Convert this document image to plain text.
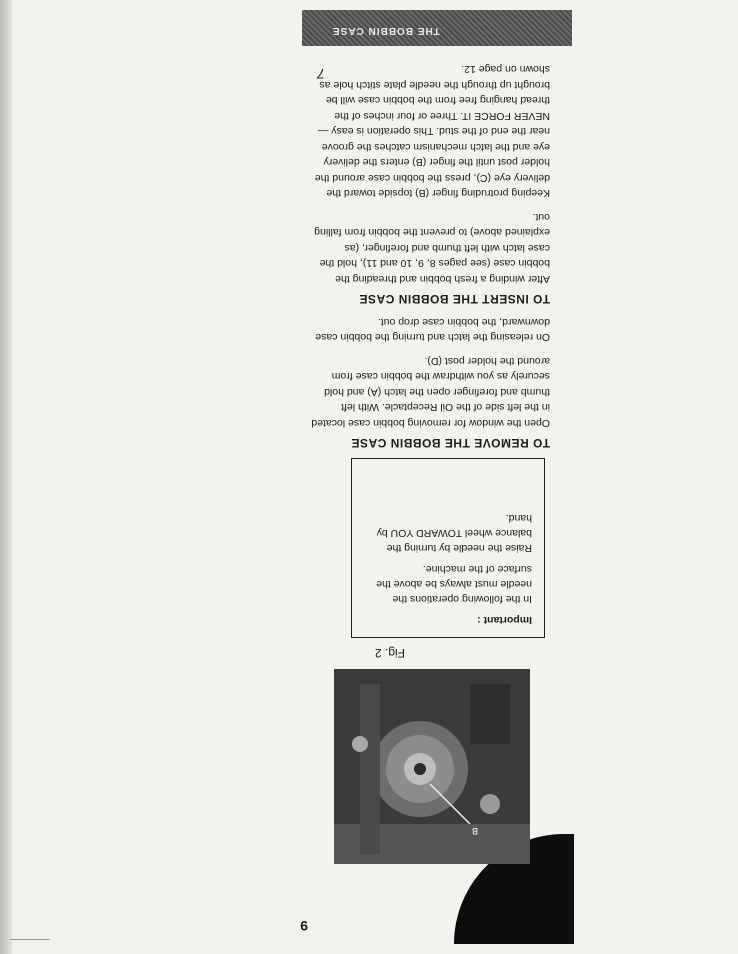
9
B
Fig. 2
Important :

In the following operations the needle must always be above the surface of the machine.

Raise the needle by turning the balance wheel TOWARD YOU by hand.

TO REMOVE THE BOBBIN CASE

Open the window for removing bobbin case located in the left side of the Oil Receptacle. With left thumb and forefinger open the latch (A) and hold securely as you withdraw the bobbin case from around the holder post (D).

On releasing the latch and turning the bobbin case downward, the bobbin case drop out.

TO INSERT THE BOBBIN CASE

After winding a fresh bobbin and threading the bobbin case (see pages 8, 9, 10 and 11), hold the case latch with left thumb and forefinger, (as explained above) to prevent the bobbin from falling out.

Keeping protruding finger (B) topside toward the delivery eye (C), press the bobbin case around the holder post until the finger (B) enters the delivery eye and the latch mechanism catches the groove near the end of the stud. This operation is easy — NEVER FORCE IT. Three or four inches of the thread hanging free from the bobbin case will be brought up through the needle plate stitch hole as shown on page 12.

7
THE BOBBIN CASE
